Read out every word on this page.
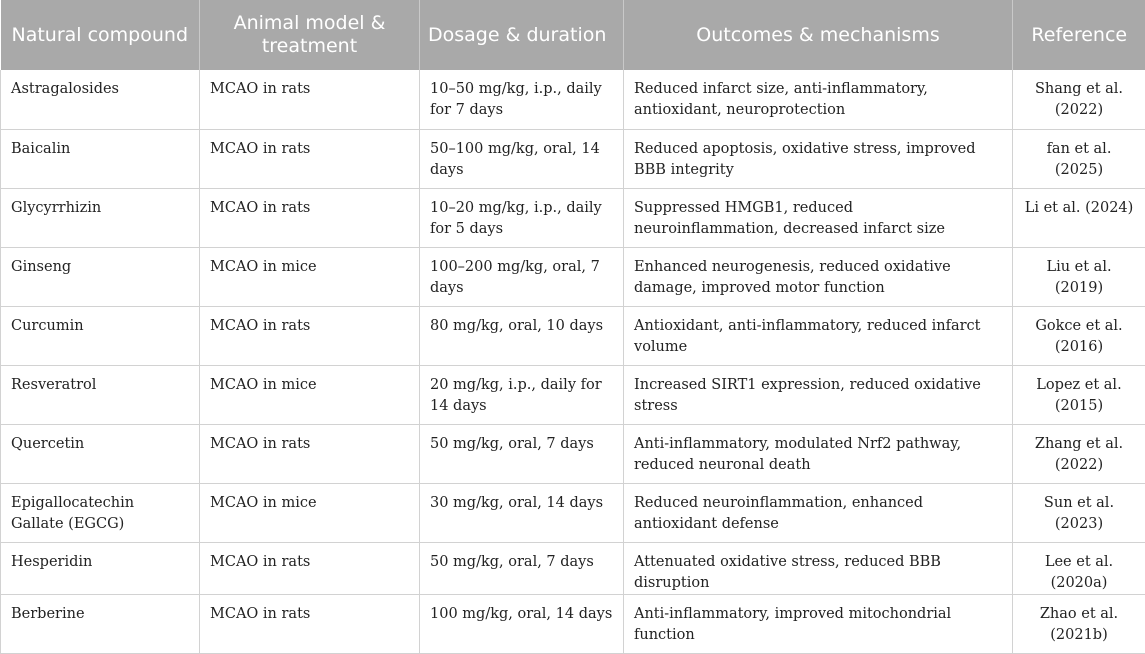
Natural compound	Animal model & treatment	Dosage & duration	Outcomes & mechanisms	Reference
Astragalosides	MCAO in rats	10–50 mg/kg, i.p., daily for 7 days	Reduced infarct size, anti-inflammatory, antioxidant, neuroprotection	Shang et al. (2022)
Baicalin	MCAO in rats	50–100 mg/kg, oral, 14 days	Reduced apoptosis, oxidative stress, improved BBB integrity	fan et al. (2025)
Glycyrrhizin	MCAO in rats	10–20 mg/kg, i.p., daily for 5 days	Suppressed HMGB1, reduced neuroinflammation, decreased infarct size	Li et al. (2024)
Ginseng	MCAO in mice	100–200 mg/kg, oral, 7 days	Enhanced neurogenesis, reduced oxidative damage, improved motor function	Liu et al. (2019)
Curcumin	MCAO in rats	80 mg/kg, oral, 10 days	Antioxidant, anti-inflammatory, reduced infarct volume	Gokce et al. (2016)
Resveratrol	MCAO in mice	20 mg/kg, i.p., daily for 14 days	Increased SIRT1 expression, reduced oxidative stress	Lopez et al. (2015)
Quercetin	MCAO in rats	50 mg/kg, oral, 7 days	Anti-inflammatory, modulated Nrf2 pathway, reduced neuronal death	Zhang et al. (2022)
Epigallocatechin Gallate (EGCG)	MCAO in mice	30 mg/kg, oral, 14 days	Reduced neuroinflammation, enhanced antioxidant defense	Sun et al. (2023)
Hesperidin	MCAO in rats	50 mg/kg, oral, 7 days	Attenuated oxidative stress, reduced BBB disruption	Lee et al. (2020a)
Berberine	MCAO in rats	100 mg/kg, oral, 14 days	Anti-inflammatory, improved mitochondrial function	Zhao et al. (2021b)
